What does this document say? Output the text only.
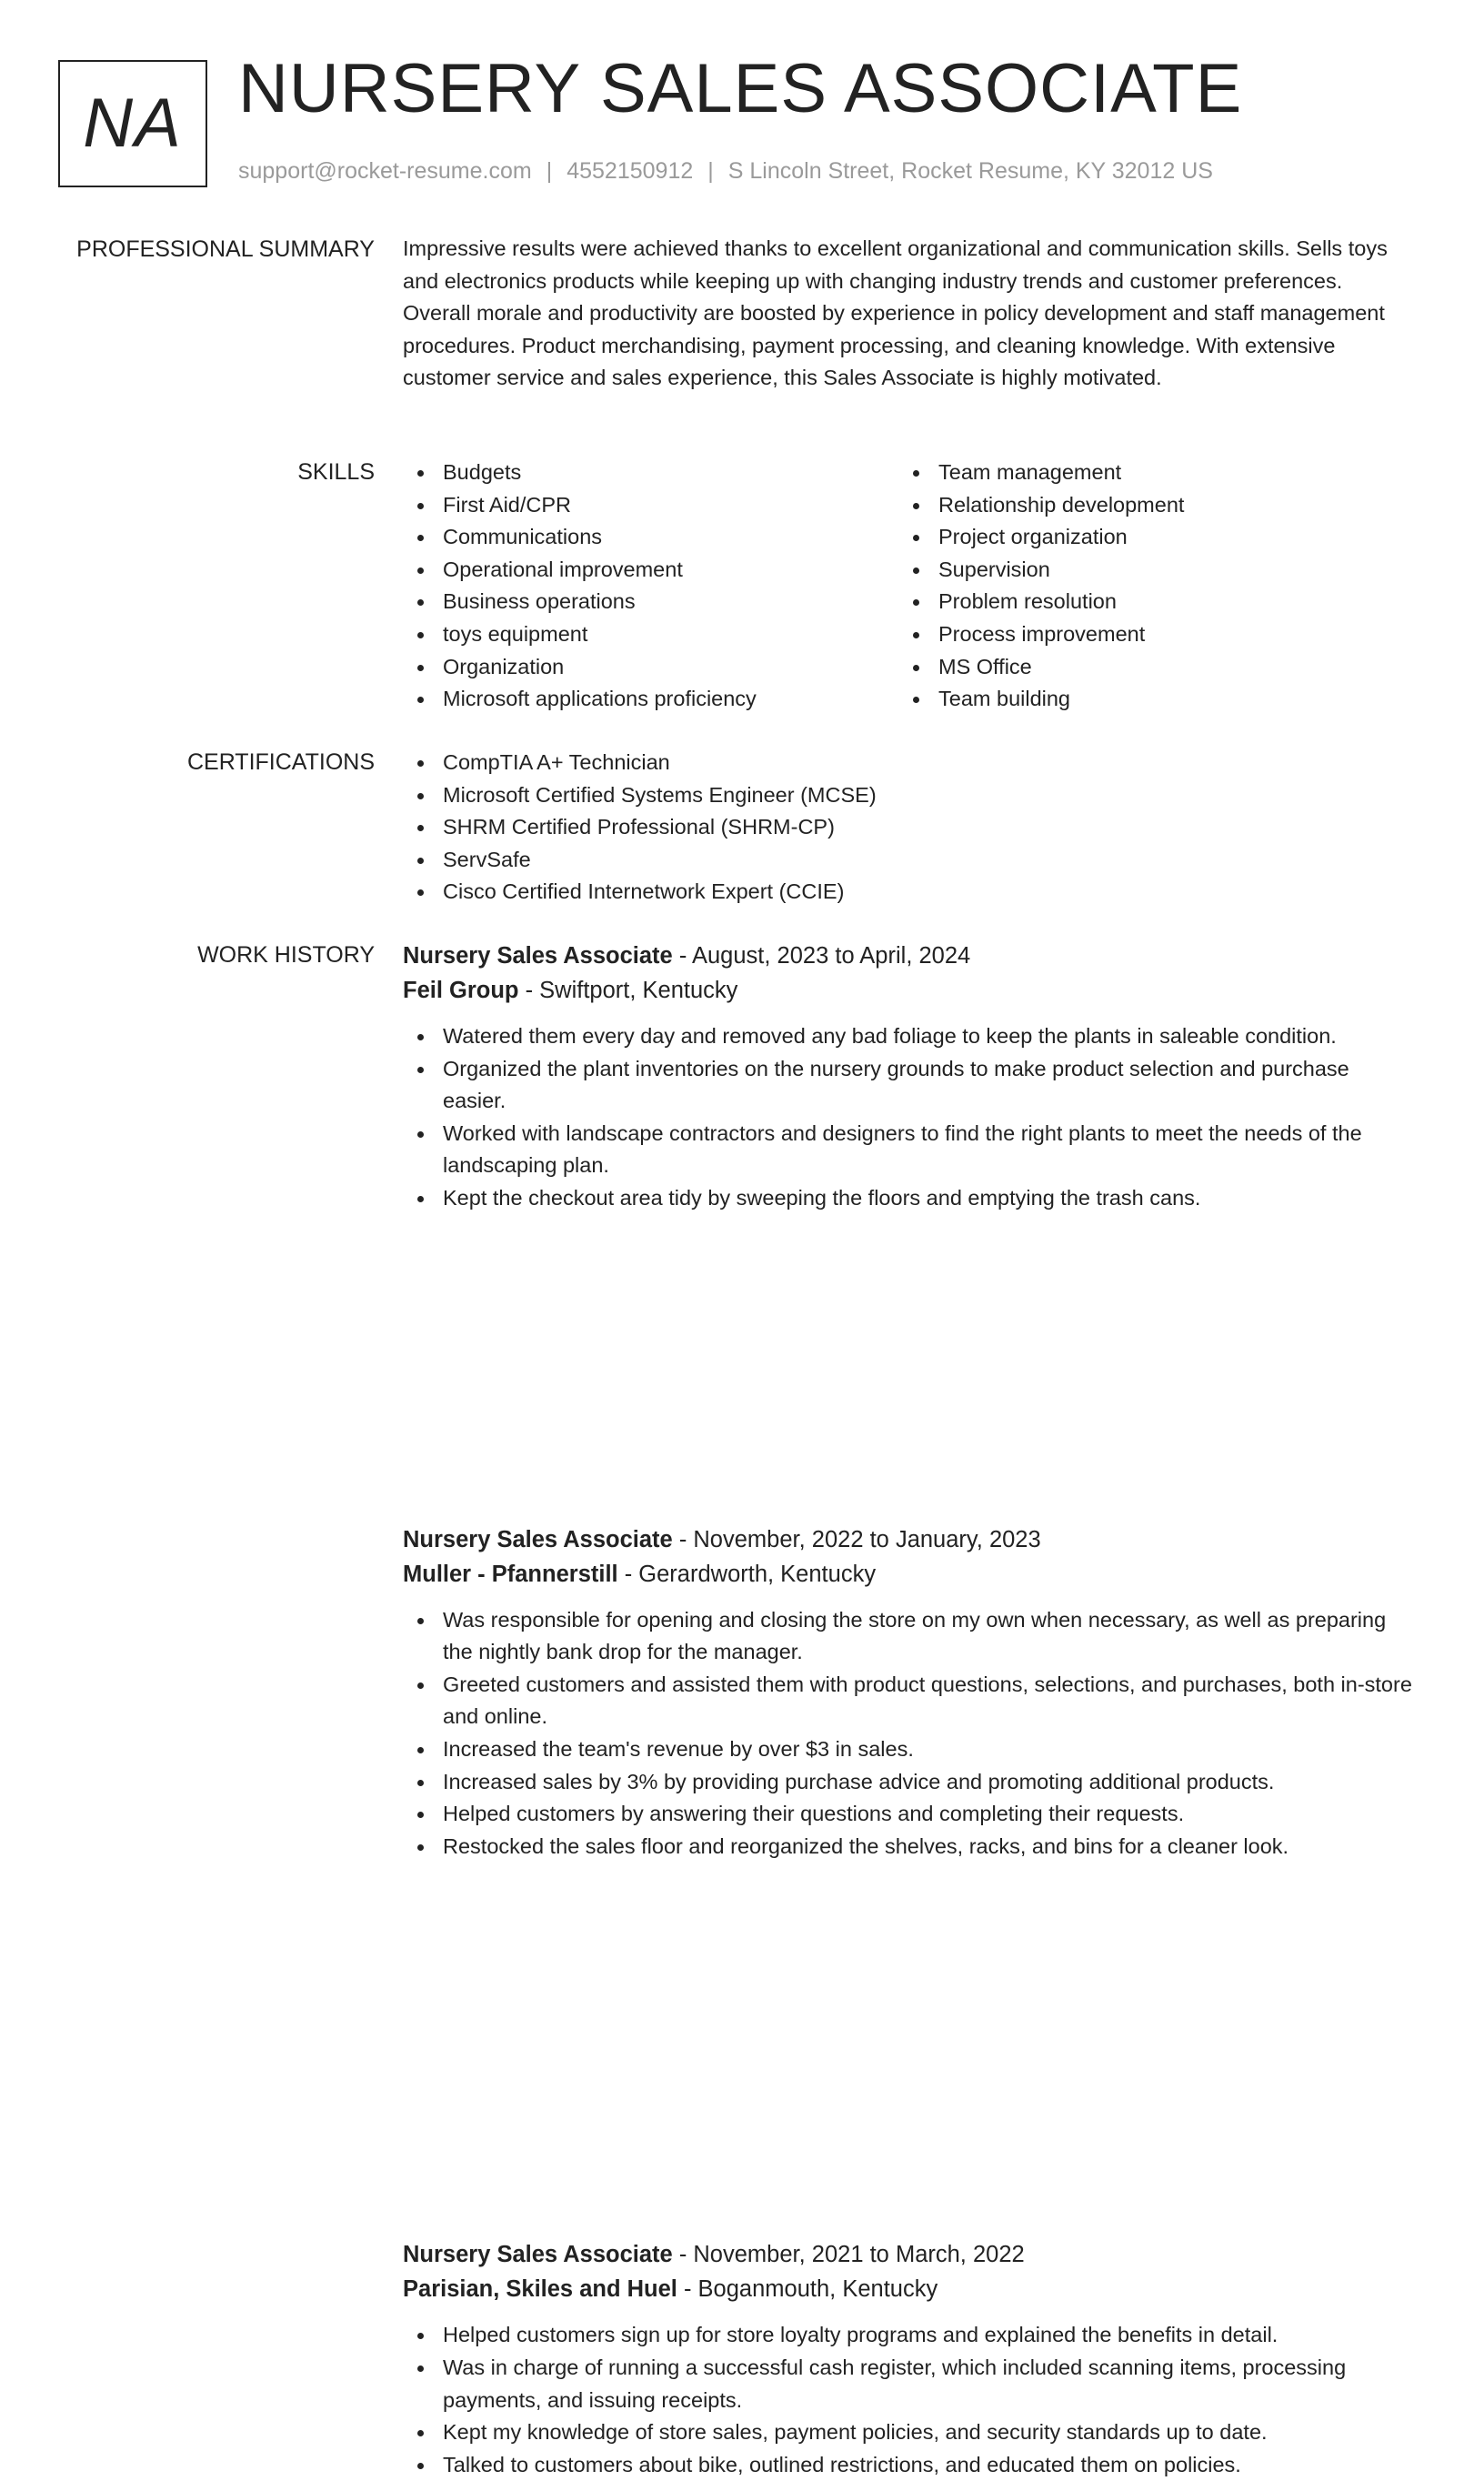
NA NURSERY SALES ASSOCIATE
support@rocket-resume.com | 4552150912 | S Lincoln Street, Rocket Resume, KY 32012 US
PROFESSIONAL SUMMARY Impressive results were achieved thanks to excellent organizational and communication skills. Sells toys and electronics products while keeping up with changing industry trends and customer preferences. Overall morale and productivity are boosted by experience in policy development and staff management procedures. Product merchandising, payment processing, and cleaning knowledge. With extensive customer service and sales experience, this Sales Associate is highly motivated.

SKILLS	Budgets
First Aid/CPR
Communications
Operational improvement
Business operations
toys equipment
Organization
Microsoft applications proficiency
Team management
Relationship development
Project organization
Supervision
Problem resolution
Process improvement
MS Office
Team building
CERTIFICATIONS	CompTIA A+ Technician
Microsoft Certified Systems Engineer (MCSE)
SHRM Certified Professional (SHRM-CP)
ServSafe
Cisco Certified Internetwork Expert (CCIE)
WORK HISTORY Nursery Sales Associate - August, 2023 to April, 2024
Feil Group - Swiftport, Kentucky
Watered them every day and removed any bad foliage to keep the plants in saleable condition.
Organized the plant inventories on the nursery grounds to make product selection and purchase easier.
Worked with landscape contractors and designers to find the right plants to meet the needs of the landscaping plan.
Kept the checkout area tidy by sweeping the floors and emptying the trash cans.
Nursery Sales Associate - November, 2022 to January, 2023
Muller - Pfannerstill - Gerardworth, Kentucky
Was responsible for opening and closing the store on my own when necessary, as well as preparing the nightly bank drop for the manager.
Greeted customers and assisted them with product questions, selections, and purchases, both in-store and online.
Increased the team's revenue by over $3 in sales.
Increased sales by 3% by providing purchase advice and promoting additional products.
Helped customers by answering their questions and completing their requests.
Restocked the sales floor and reorganized the shelves, racks, and bins for a cleaner look.
Nursery Sales Associate - November, 2021 to March, 2022
Parisian, Skiles and Huel - Boganmouth, Kentucky
Helped customers sign up for store loyalty programs and explained the benefits in detail.
Was in charge of running a successful cash register, which included scanning items, processing payments, and issuing receipts.
Kept my knowledge of store sales, payment policies, and security standards up to date.
Talked to customers about bike, outlined restrictions, and educated them on policies.
